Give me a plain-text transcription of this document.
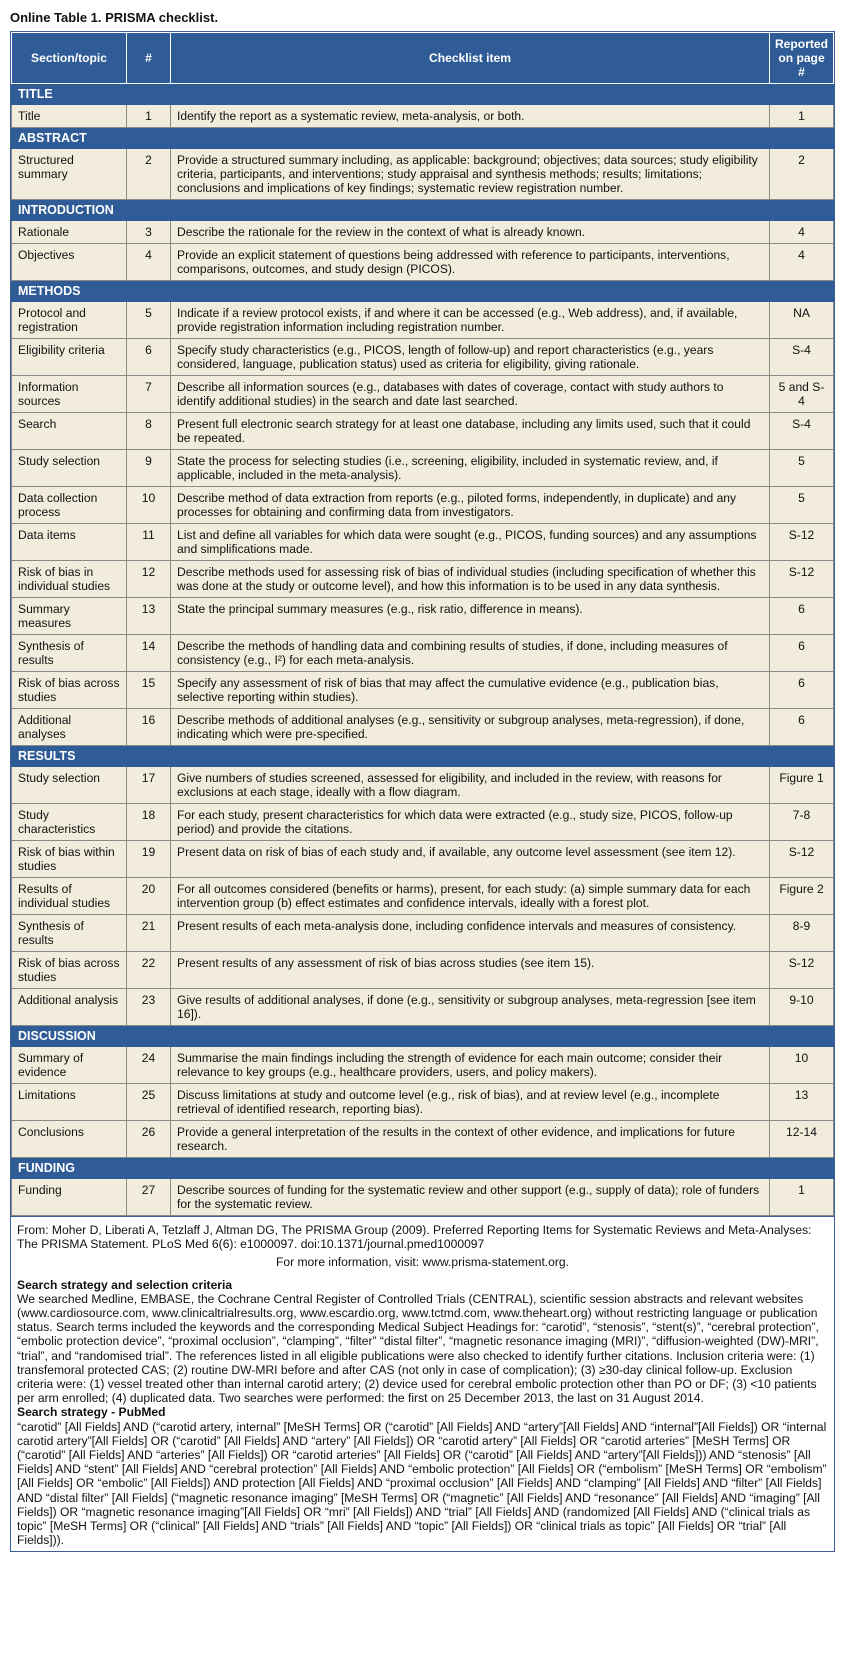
Online Table 1. PRISMA checklist.
Section/topic	#	Checklist item	Reported on page #
TITLE			
Title	1	Identify the report as a systematic review, meta-analysis, or both.	1
ABSTRACT			
Structured summary	2	Provide a structured summary including, as applicable: background; objectives; data sources; study eligibility criteria, participants, and interventions; study appraisal and synthesis methods; results; limitations; conclusions and implications of key findings; systematic review registration number.	2
INTRODUCTION			
Rationale	3	Describe the rationale for the review in the context of what is already known.	4
Objectives	4	Provide an explicit statement of questions being addressed with reference to participants, interventions, comparisons, outcomes, and study design (PICOS).	4
METHODS			
Protocol and registration	5	Indicate if a review protocol exists, if and where it can be accessed (e.g., Web address), and, if available, provide registration information including registration number.	NA
Eligibility criteria	6	Specify study characteristics (e.g., PICOS, length of follow-up) and report characteristics (e.g., years considered, language, publication status) used as criteria for eligibility, giving rationale.	S-4
Information sources	7	Describe all information sources (e.g., databases with dates of coverage, contact with study authors to identify additional studies) in the search and date last searched.	5 and S-4
Search	8	Present full electronic search strategy for at least one database, including any limits used, such that it could be repeated.	S-4
Study selection	9	State the process for selecting studies (i.e., screening, eligibility, included in systematic review, and, if applicable, included in the meta-analysis).	5
Data collection process	10	Describe method of data extraction from reports (e.g., piloted forms, independently, in duplicate) and any processes for obtaining and confirming data from investigators.	5
Data items	11	List and define all variables for which data were sought (e.g., PICOS, funding sources) and any assumptions and simplifications made.	S-12
Risk of bias in individual studies	12	Describe methods used for assessing risk of bias of individual studies (including specification of whether this was done at the study or outcome level), and how this information is to be used in any data synthesis.	S-12
Summary measures	13	State the principal summary measures (e.g., risk ratio, difference in means).	6
Synthesis of results	14	Describe the methods of handling data and combining results of studies, if done, including measures of consistency (e.g., I²) for each meta-analysis.	6
Risk of bias across studies	15	Specify any assessment of risk of bias that may affect the cumulative evidence (e.g., publication bias, selective reporting within studies).	6
Additional analyses	16	Describe methods of additional analyses (e.g., sensitivity or subgroup analyses, meta-regression), if done, indicating which were pre-specified.	6
RESULTS			
Study selection	17	Give numbers of studies screened, assessed for eligibility, and included in the review, with reasons for exclusions at each stage, ideally with a flow diagram.	Figure 1
Study characteristics	18	For each study, present characteristics for which data were extracted (e.g., study size, PICOS, follow-up period) and provide the citations.	7-8
Risk of bias within studies	19	Present data on risk of bias of each study and, if available, any outcome level assessment (see item 12).	S-12
Results of individual studies	20	For all outcomes considered (benefits or harms), present, for each study: (a) simple summary data for each intervention group (b) effect estimates and confidence intervals, ideally with a forest plot.	Figure 2
Synthesis of results	21	Present results of each meta-analysis done, including confidence intervals and measures of consistency.	8-9
Risk of bias across studies	22	Present results of any assessment of risk of bias across studies (see item 15).	S-12
Additional analysis	23	Give results of additional analyses, if done (e.g., sensitivity or subgroup analyses, meta-regression [see item 16]).	9-10
DISCUSSION			
Summary of evidence	24	Summarise the main findings including the strength of evidence for each main outcome; consider their relevance to key groups (e.g., healthcare providers, users, and policy makers).	10
Limitations	25	Discuss limitations at study and outcome level (e.g., risk of bias), and at review level (e.g., incomplete retrieval of identified research, reporting bias).	13
Conclusions	26	Provide a general interpretation of the results in the context of other evidence, and implications for future research.	12-14
FUNDING			
Funding	27	Describe sources of funding for the systematic review and other support (e.g., supply of data); role of funders for the systematic review.	1
From: Moher D, Liberati A, Tetzlaff J, Altman DG, The PRISMA Group (2009). Preferred Reporting Items for Systematic Reviews and Meta-Analyses: The PRISMA Statement. PLoS Med 6(6): e1000097. doi:10.1371/journal.pmed1000097
For more information, visit: www.prisma-statement.org.
Search strategy and selection criteria
We searched Medline, EMBASE, the Cochrane Central Register of Controlled Trials (CENTRAL), scientific session abstracts and relevant websites (www.cardiosource.com, www.clinicaltrialresults.org, www.escardio.org, www.tctmd.com, www.theheart.org) without restricting language or publication status. Search terms included the keywords and the corresponding Medical Subject Headings for: “carotid”, “stenosis”, “stent(s)”, “cerebral protection”, “embolic protection device”, “proximal occlusion”, “clamping”, “filter” “distal filter”, “magnetic resonance imaging (MRI)”, “diffusion-weighted (DW)-MRI”, “trial”, and “randomised trial”. The references listed in all eligible publications were also checked to identify further citations. Inclusion criteria were: (1) transfemoral protected CAS; (2) routine DW-MRI before and after CAS (not only in case of complication); (3) ≥30-day clinical follow-up. Exclusion criteria were: (1) vessel treated other than internal carotid artery; (2) device used for cerebral embolic protection other than PO or DF; (3) <10 patients per arm enrolled; (4) duplicated data. Two searches were performed: the first on 25 December 2013, the last on 31 August 2014.
Search strategy - PubMed
“carotid” [All Fields] AND (“carotid artery, internal” [MeSH Terms] OR (“carotid” [All Fields] AND “artery”[All Fields] AND “internal”[All Fields]) OR “internal carotid artery”[All Fields] OR (“carotid” [All Fields] AND “artery” [All Fields]) OR “carotid artery” [All Fields] OR “carotid arteries” [MeSH Terms] OR (“carotid” [All Fields] AND “arteries” [All Fields]) OR “carotid arteries” [All Fields] OR (“carotid” [All Fields] AND “artery”[All Fields])) AND “stenosis” [All Fields] AND “stent” [All Fields] AND “cerebral protection” [All Fields] AND “embolic protection” [All Fields] OR (“embolism” [MeSH Terms] OR “embolism” [All Fields] OR “embolic” [All Fields]) AND protection [All Fields] AND “proximal occlusion” [All Fields] AND “clamping” [All Fields] AND “filter” [All Fields] AND “distal filter” [All Fields] (“magnetic resonance imaging” [MeSH Terms] OR (“magnetic” [All Fields] AND “resonance” [All Fields] AND “imaging” [All Fields]) OR “magnetic resonance imaging”[All Fields] OR “mri” [All Fields]) AND “trial” [All Fields] AND (randomized [All Fields] AND (“clinical trials as topic” [MeSH Terms] OR (“clinical” [All Fields] AND “trials” [All Fields] AND “topic” [All Fields]) OR “clinical trials as topic” [All Fields] OR “trial” [All Fields])).
